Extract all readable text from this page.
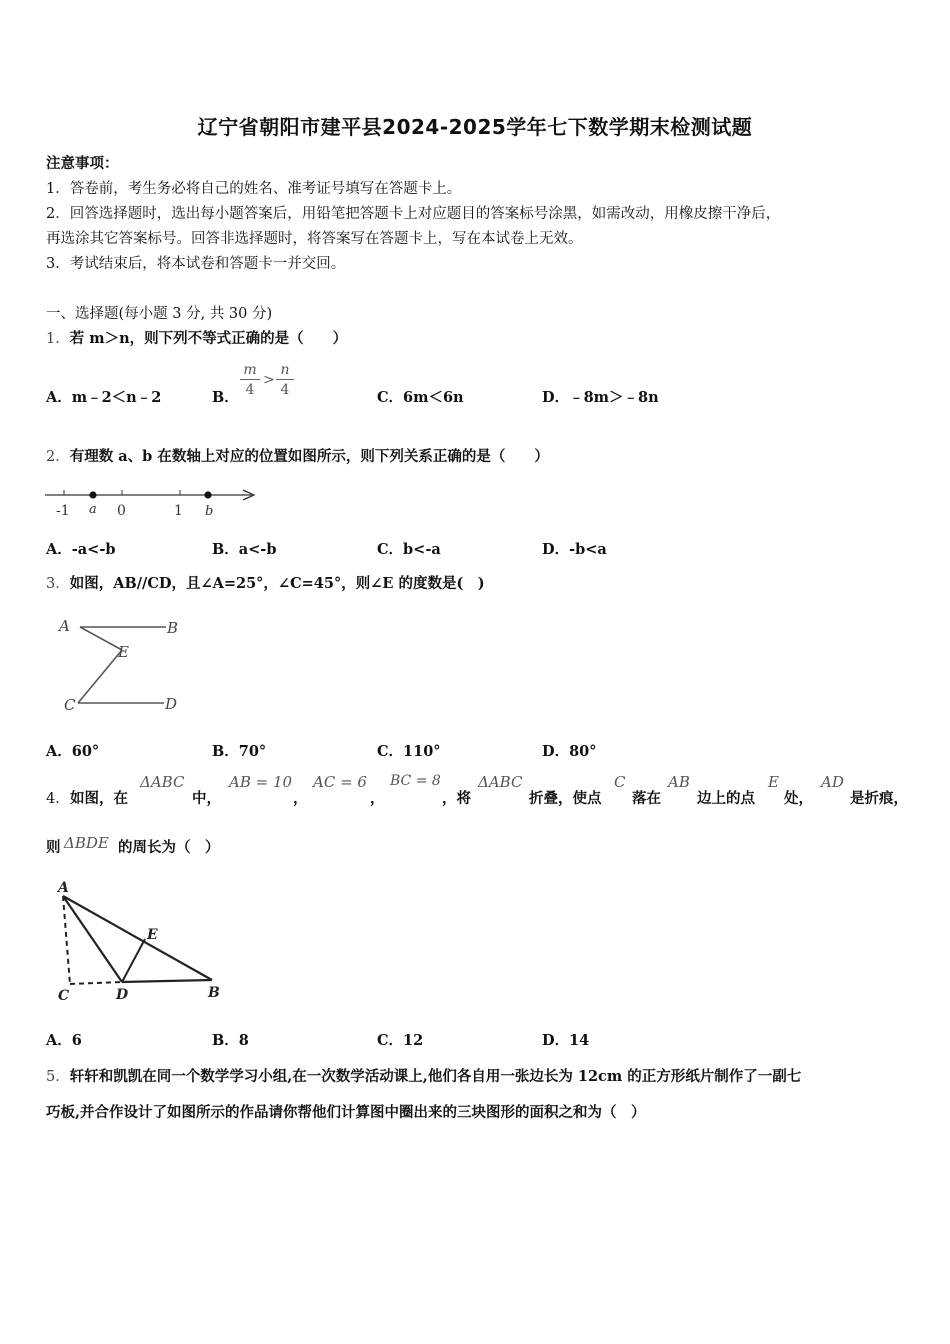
辽宁省朝阳市建平县2024-2025学年七下数学期末检测试题
注意事项：
1．答卷前，考生务必将自己的姓名、准考证号填写在答题卡上。
2．回答选择题时，选出每小题答案后，用铅笔把答题卡上对应题目的答案标号涂黑，如需改动，用橡皮擦干净后，
再选涂其它答案标号。回答非选择题时，将答案写在答题卡上，写在本试卷上无效。
3．考试结束后，将本试卷和答题卡一并交回。
一、选择题(每小题 3 分, 共 30 分)
1．若 m＞n，则下列不等式正确的是（　　）
A．m﹣2＜n﹣2	B． $\frac{m}{4} > \frac{n}{4}$	C．6m＜6n	D．﹣8m＞﹣8n
2．有理数 a、b 在数轴上对应的位置如图所示，则下列关系正确的是（　　）
-1 a 0	1 b
A．-a<-b	B．a<-b	C．b<-a	D．-b<a
3．如图，AB//CD，且∠A=25°，∠C=45°，则∠E 的度数是(　)
A	B
E
C	D
A．60°	B．70°	C．110°	D．80°
4． 如图，在
ΔABC
中，
AB = 10
，
AC = 6
，
BC = 8
，将
ΔABC
折叠，使点
C
落在
AB
边上的点
E
处，
AD
是折痕，
则 ΔBDE 的周长为（　）
A
E
C	D	B
A．6	B．8	C．12	D．14
5．轩轩和凯凯在同一个数学学习小组,在一次数学活动课上,他们各自用一张边长为 12cm 的正方形纸片制作了一副七
巧板,并合作设计了如图所示的作品请你帮他们计算图中圈出来的三块图形的面积之和为（　）
